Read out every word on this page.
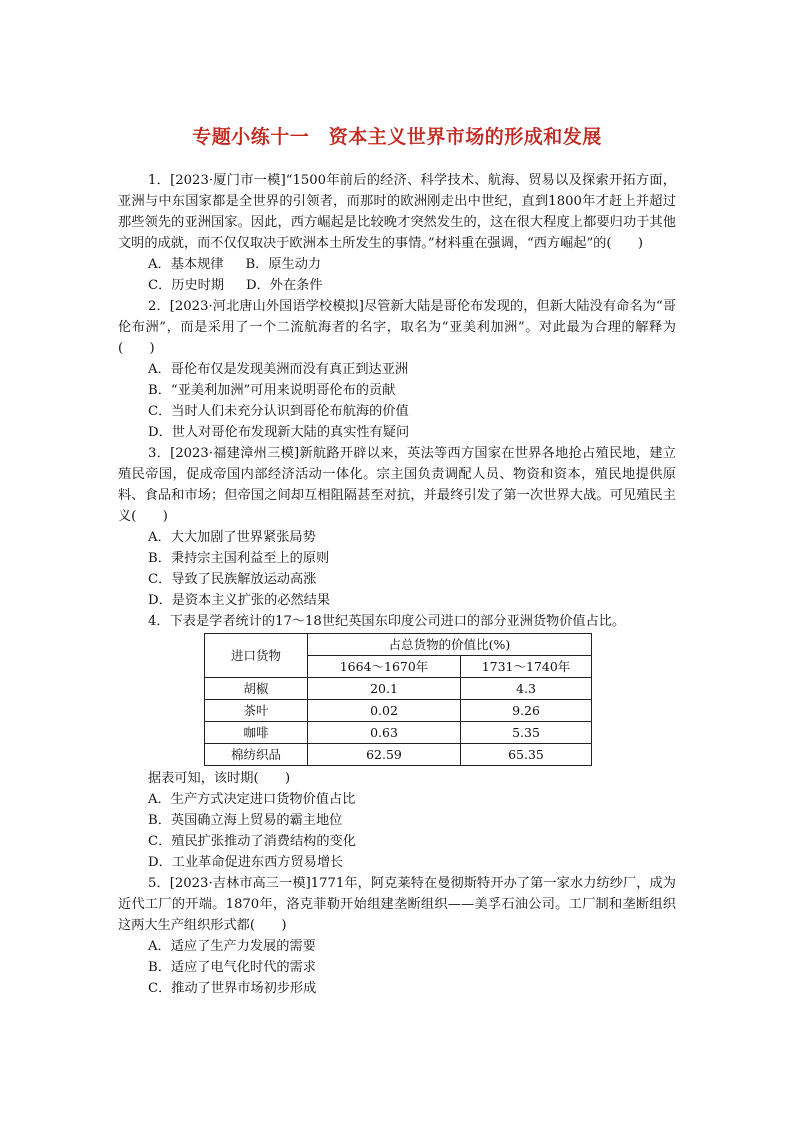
专题小练十一　资本主义世界市场的形成和发展

1．[2023·厦门市一模]“1500年前后的经济、科学技术、航海、贸易以及探索开拓方面，亚洲与中东国家都是全世界的引领者，而那时的欧洲刚走出中世纪，直到1800年才赶上并超过那些领先的亚洲国家。因此，西方崛起是比较晚才突然发生的，这在很大程度上都要归功于其他文明的成就，而不仅仅取决于欧洲本土所发生的事情。”材料重在强调，“西方崛起”的(　　)

A．基本规律 B．原生动力
C．历史时期 D．外在条件

2．[2023·河北唐山外国语学校模拟]尽管新大陆是哥伦布发现的，但新大陆没有命名为“哥伦布洲”，而是采用了一个二流航海者的名字，取名为“亚美利加洲”。对此最为合理的解释为(　　)

A．哥伦布仅是发现美洲而没有真正到达亚洲
B．“亚美利加洲”可用来说明哥伦布的贡献
C．当时人们未充分认识到哥伦布航海的价值
D．世人对哥伦布发现新大陆的真实性有疑问

3．[2023·福建漳州三模]新航路开辟以来，英法等西方国家在世界各地抢占殖民地，建立殖民帝国，促成帝国内部经济活动一体化。宗主国负责调配人员、物资和资本，殖民地提供原料、食品和市场；但帝国之间却互相阻隔甚至对抗，并最终引发了第一次世界大战。可见殖民主义(　　)

A．大大加剧了世界紧张局势
B．秉持宗主国利益至上的原则
C．导致了民族解放运动高涨
D．是资本主义扩张的必然结果

4．下表是学者统计的17～18世纪英国东印度公司进口的部分亚洲货物价值占比。

进口货物	占总货物的价值比(%)	
	1664～1670年	1731～1740年
胡椒	20.1	4.3
茶叶	0.02	9.26
咖啡	0.63	5.35
棉纺织品	62.59	65.35
据表可知，该时期(　　)
A．生产方式决定进口货物价值占比
B．英国确立海上贸易的霸主地位
C．殖民扩张推动了消费结构的变化
D．工业革命促进东西方贸易增长

5．[2023·吉林市高三一模]1771年，阿克莱特在曼彻斯特开办了第一家水力纺纱厂，成为近代工厂的开端。1870年，洛克菲勒开始组建垄断组织——美孚石油公司。工厂制和垄断组织这两大生产组织形式都(　　)

A．适应了生产力发展的需要
B．适应了电气化时代的需求
C．推动了世界市场初步形成
